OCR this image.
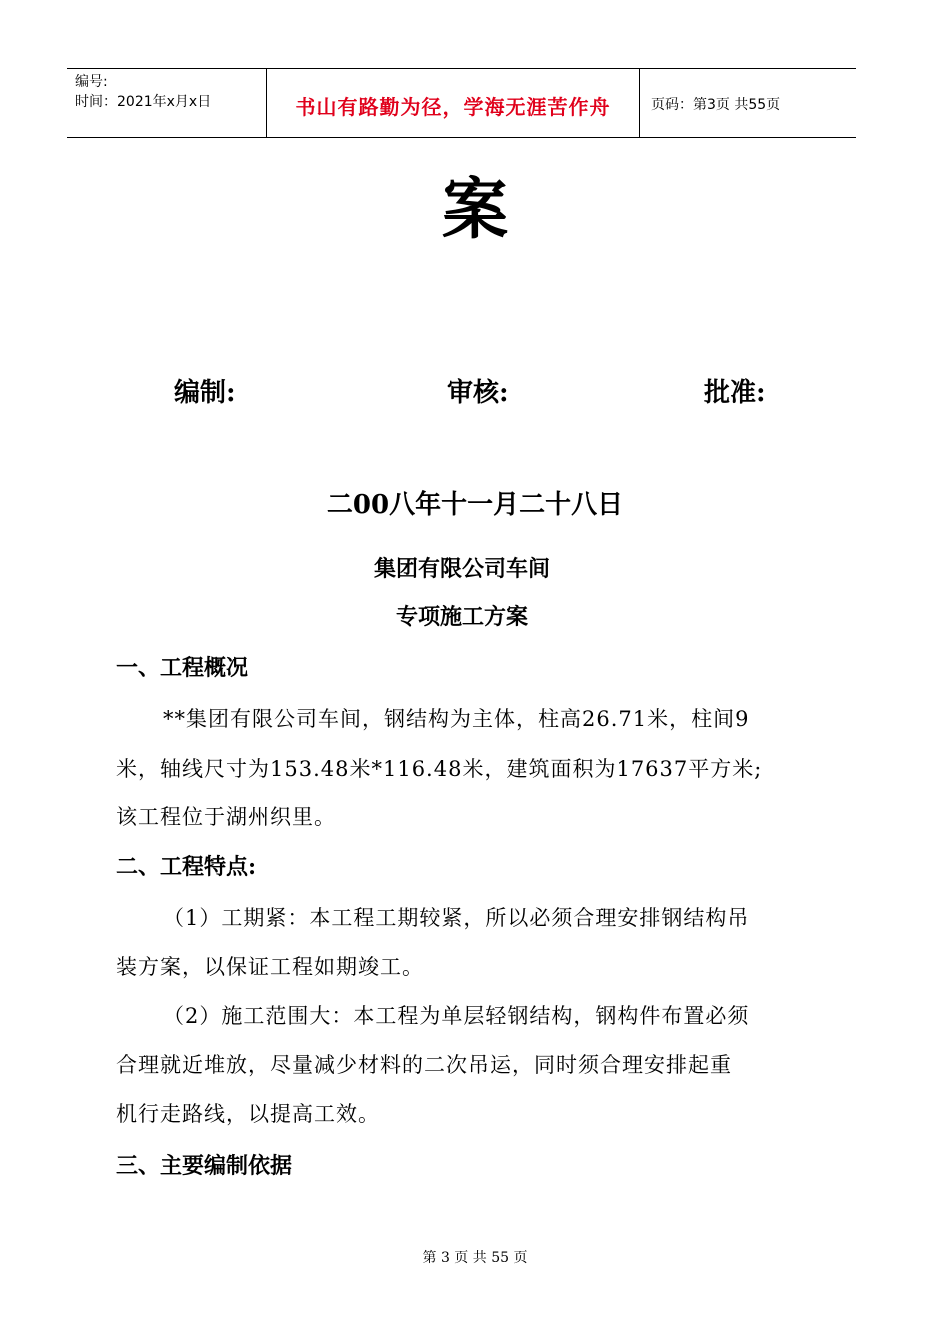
编号:
时间：2021年x月x日	书山有路勤为径，学海无涯苦作舟	页码：第3页 共55页
案
编制:	审核:	批准:
二00八年十一月二十八日
集团有限公司车间
专项施工方案
一、工程概况
**集团有限公司车间，钢结构为主体，柱高26.71米，柱间9
米，轴线尺寸为153.48米*116.48米，建筑面积为17637平方米;
该工程位于湖州织里。
二、工程特点:
（1）工期紧：本工程工期较紧，所以必须合理安排钢结构吊
装方案，以保证工程如期竣工。
（2）施工范围大：本工程为单层轻钢结构，钢构件布置必须
合理就近堆放，尽量减少材料的二次吊运，同时须合理安排起重
机行走路线，以提高工效。
三、主要编制依据
第 3 页 共 55 页
